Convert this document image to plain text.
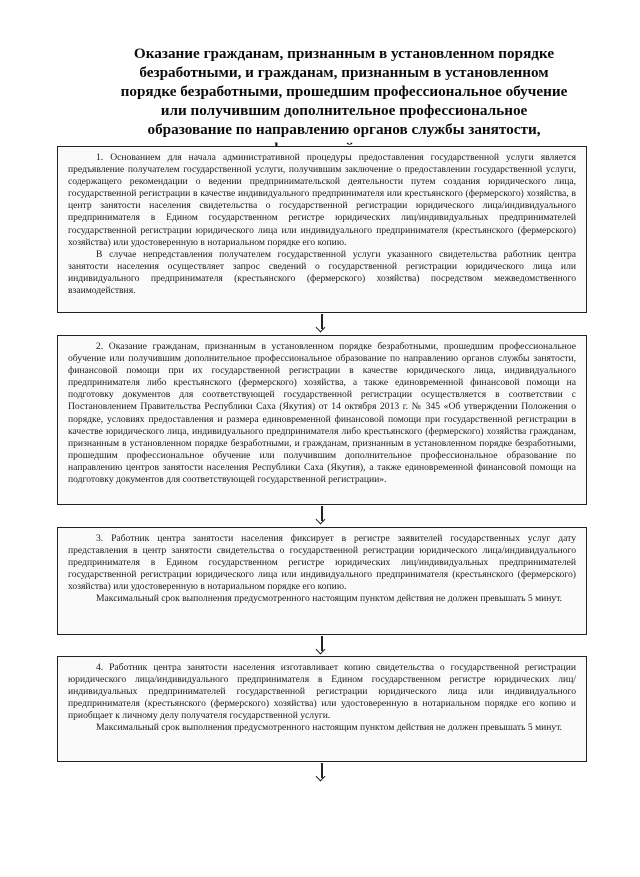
Оказание гражданам, признанным в установленном порядке безработными, и гражданам, признанным в установленном порядке безработными, прошедшим профессиональное обучение или получившим дополнительное профессиональное образование по направлению органов службы занятости,

1. Основанием для начала административной процедуры предоставления государственной услуги является предъявление получателем государственной услуги, получившим заключение о предоставлении государственной услуги, содержащего рекомендации о ведении предпринимательской деятельности путем создания юридического лица, государственной регистрации в качестве индивидуального предпринимателя или крестьянского (фермерского) хозяйства, в центр занятости населения свидетельства о государственной регистрации юридического лица/индивидуального предпринимателя в Едином государственном регистре юридических лиц/индивидуальных предпринимателей государственной регистрации юридического лица или индивидуального предпринимателя (крестьянского (фермерского) хозяйства) или удостоверенную в нотариальном порядке его копию.

В случае непредставления получателем государственной услуги указанного свидетельства работник центра занятости населения осуществляет запрос сведений о государственной регистрации юридического лица или индивидуального предпринимателя (крестьянского (фермерского) хозяйства) посредством межведомственного взаимодействия.

2. Оказание гражданам, признанным в установленном порядке безработными, прошедшим профессиональное обучение или получившим дополнительное профессиональное образование по направлению органов службы занятости, финансовой помощи при их государственной регистрации в качестве юридического лица, индивидуального предпринимателя либо крестьянского (фермерского) хозяйства, а также единовременной финансовой помощи на подготовку документов для соответствующей государственной регистрации осуществляется в соответствии с Постановлением Правительства Республики Саха (Якутия) от 14 октября 2013 г. № 345 «Об утверждении Положения о порядке, условиях предоставления и размера единовременной финансовой помощи при государственной регистрации в качестве юридического лица, индивидуального предпринимателя либо крестьянского (фермерского) хозяйства гражданам, признанным в установленном порядке безработными, и гражданам, признанным в установленном порядке безработными, прошедшим профессиональное обучение или получившим дополнительное профессиональное образование по направлению центров занятости населения Республики Саха (Якутия), а также единовременной финансовой помощи на подготовку документов для соответствующей государственной регистрации».

3. Работник центра занятости населения фиксирует в регистре заявителей государственных услуг дату представления в центр занятости свидетельства о государственной регистрации юридического лица/индивидуального предпринимателя в Едином государственном регистре юридических лиц/индивидуальных предпринимателей государственной регистрации юридического лица или индивидуального предпринимателя (крестьянского (фермерского) хозяйства) или удостоверенную в нотариальном порядке его копию.

Максимальный срок выполнения предусмотренного настоящим пунктом действия не должен превышать 5 минут.

4. Работник центра занятости населения изготавливает копию свидетельства о государственной регистрации юридического лица/индивидуального предпринимателя в Едином государственном регистре юридических лиц/индивидуальных предпринимателей государственной регистрации юридического лица или индивидуального предпринимателя (крестьянского (фермерского) хозяйства) или удостоверенную в нотариальном порядке его копию и приобщает к личному делу получателя государственной услуги.

Максимальный срок выполнения предусмотренного настоящим пунктом действия не должен превышать 5 минут.
